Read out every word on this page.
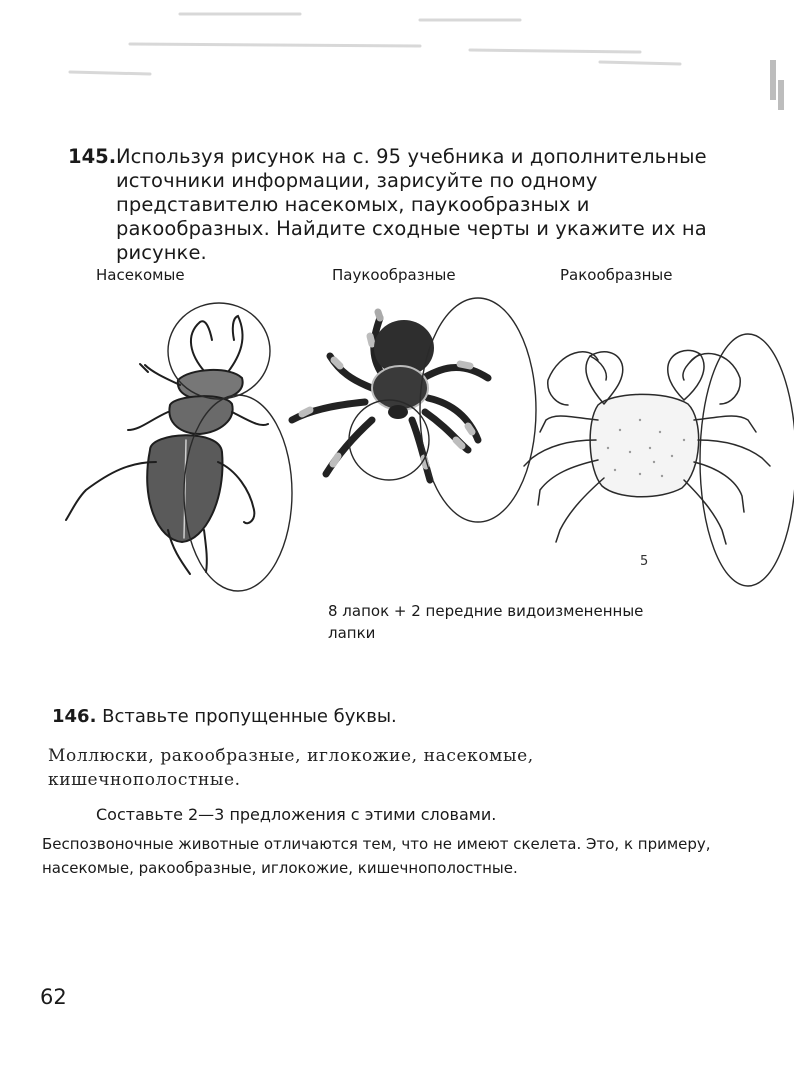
145. Используя рисунок на с. 95 учебника и дополнительные источники информации, зарисуйте по одному представителю насекомых, паукообразных и ракообразных. Найдите сходные черты и укажите их на рисунке.
Насекомые	Паукообразные	Ракообразные
5
8 лапок + 2 передние видоизмененные лапки
146. Вставьте пропущенные буквы.
Моллюски, ракообразные, иглокожие, насекомые, кишечнополостные.
Составьте 2—3 предложения с этими словами.
Беспозвоночные животные отличаются тем, что не имеют скелета. Это, к примеру, насекомые, ракообразные, иглокожие, кишечнополостные.
62
